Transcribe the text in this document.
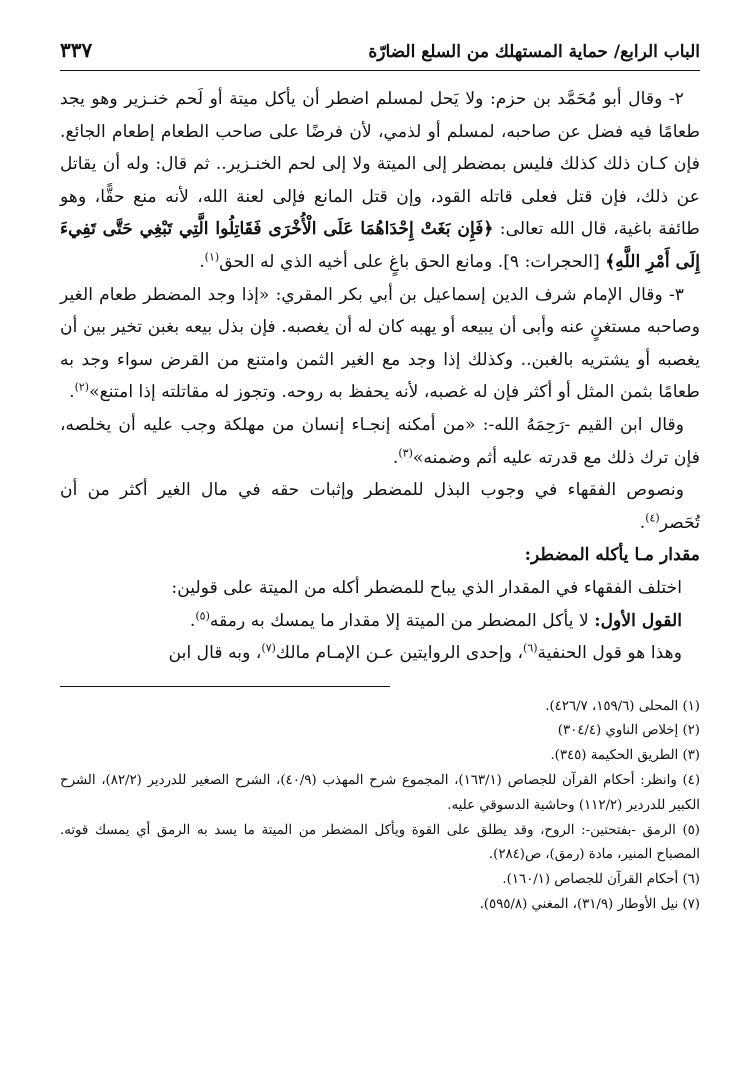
الباب الرابع/ حماية المستهلك من السلع الضارّة
٣٣٧

٢- وقال أبو مُحَمَّد بن حزم: ولا يَحل لمسلم اضطر أن يأكل ميتة أو لَحم خنـزير وهو يجد طعامًا فيه فضل عن صاحبه، لمسلم أو لذمي، لأن فرضًا على صاحب الطعام إطعام الجائع. فإن كـان ذلك كذلك فليس بمضطر إلى الميتة ولا إلى لحم الخنـزير.. ثم قال: وله أن يقاتل عن ذلك، فإن قتل فعلى قاتله القود، وإن قتل المانع فإلى لعنة الله، لأنه منع حقًّا، وهو طائفة باغية، قال الله تعالى: ﴿فَإِن بَغَتْ إِحْدَاهُمَا عَلَى الْأُخْرَى فَقَاتِلُوا الَّتِي تَبْغِي حَتَّى تَفِيءَ إِلَى أَمْرِ اللَّهِ﴾ [الحجرات: ٩]. ومانع الحق باغٍ على أخيه الذي له الحق$^{(١)}$.

٣- وقال الإمام شرف الدين إسماعيل بن أبي بكر المقري: «إذا وجد المضطر طعام الغير وصاحبه مستغنٍ عنه وأبى أن يبيعه أو يهبه كان له أن يغصبه. فإن بذل بيعه بغبن تخير بين أن يغصبه أو يشتريه بالغبن.. وكذلك إذا وجد مع الغير الثمن وامتنع من القرض سواء وجد به طعامًا بثمن المثل أو أكثر فإن له غصبه، لأنه يحفظ به روحه. وتجوز له مقاتلته إذا امتنع»$^{(٢)}$.

وقال ابن القيم -رَحِمَهُ الله-: «من أمكنه إنجـاء إنسان من مهلكة وجب عليه أن يخلصه، فإن ترك ذلك مع قدرته عليه أثم وضمنه»$^{(٣)}$.

ونصوص الفقهاء في وجوب البذل للمضطر وإثبات حقه في مال الغير أكثر من أن تُحَصر$^{(٤)}$.

مقدار مـا يأكله المضطر:

اختلف الفقهاء في المقدار الذي يباح للمضطر أكله من الميتة على قولين:

القول الأول: لا يأكل المضطر من الميتة إلا مقدار ما يمسك به رمقه$^{(٥)}$.

وهذا هو قول الحنفية$^{(٦)}$، وإحدى الروايتين عـن الإمـام مالك$^{(٧)}$، وبه قال ابن

(١) المحلى (١٥٩/٦، ٤٢٦/٧).

(٢) إخلاص الناوي (٣٠٤/٤)

(٣) الطريق الحكيمة (٣٤٥).

(٤) وانظر: أحكام القرآن للجصاص (١٦٣/١)، المجموع شرح المهذب (٤٠/٩)، الشرح الصغير للدردير (٨٢/٢)، الشرح الكبير للدردير (١١٢/٢) وحاشية الدسوقي عليه.

(٥) الرمق -بفتحتين-: الروح، وقد يطلق على القوة ويأكل المضطر من الميتة ما يسد به الرمق أي يمسك قوته. المصباح المنير، مادة (رمق)، ص(٢٨٤).

(٦) أحكام القرآن للجصاص (١٦٠/١).

(٧) نيل الأوطار (٣١/٩)، المغني (٥٩٥/٨).
